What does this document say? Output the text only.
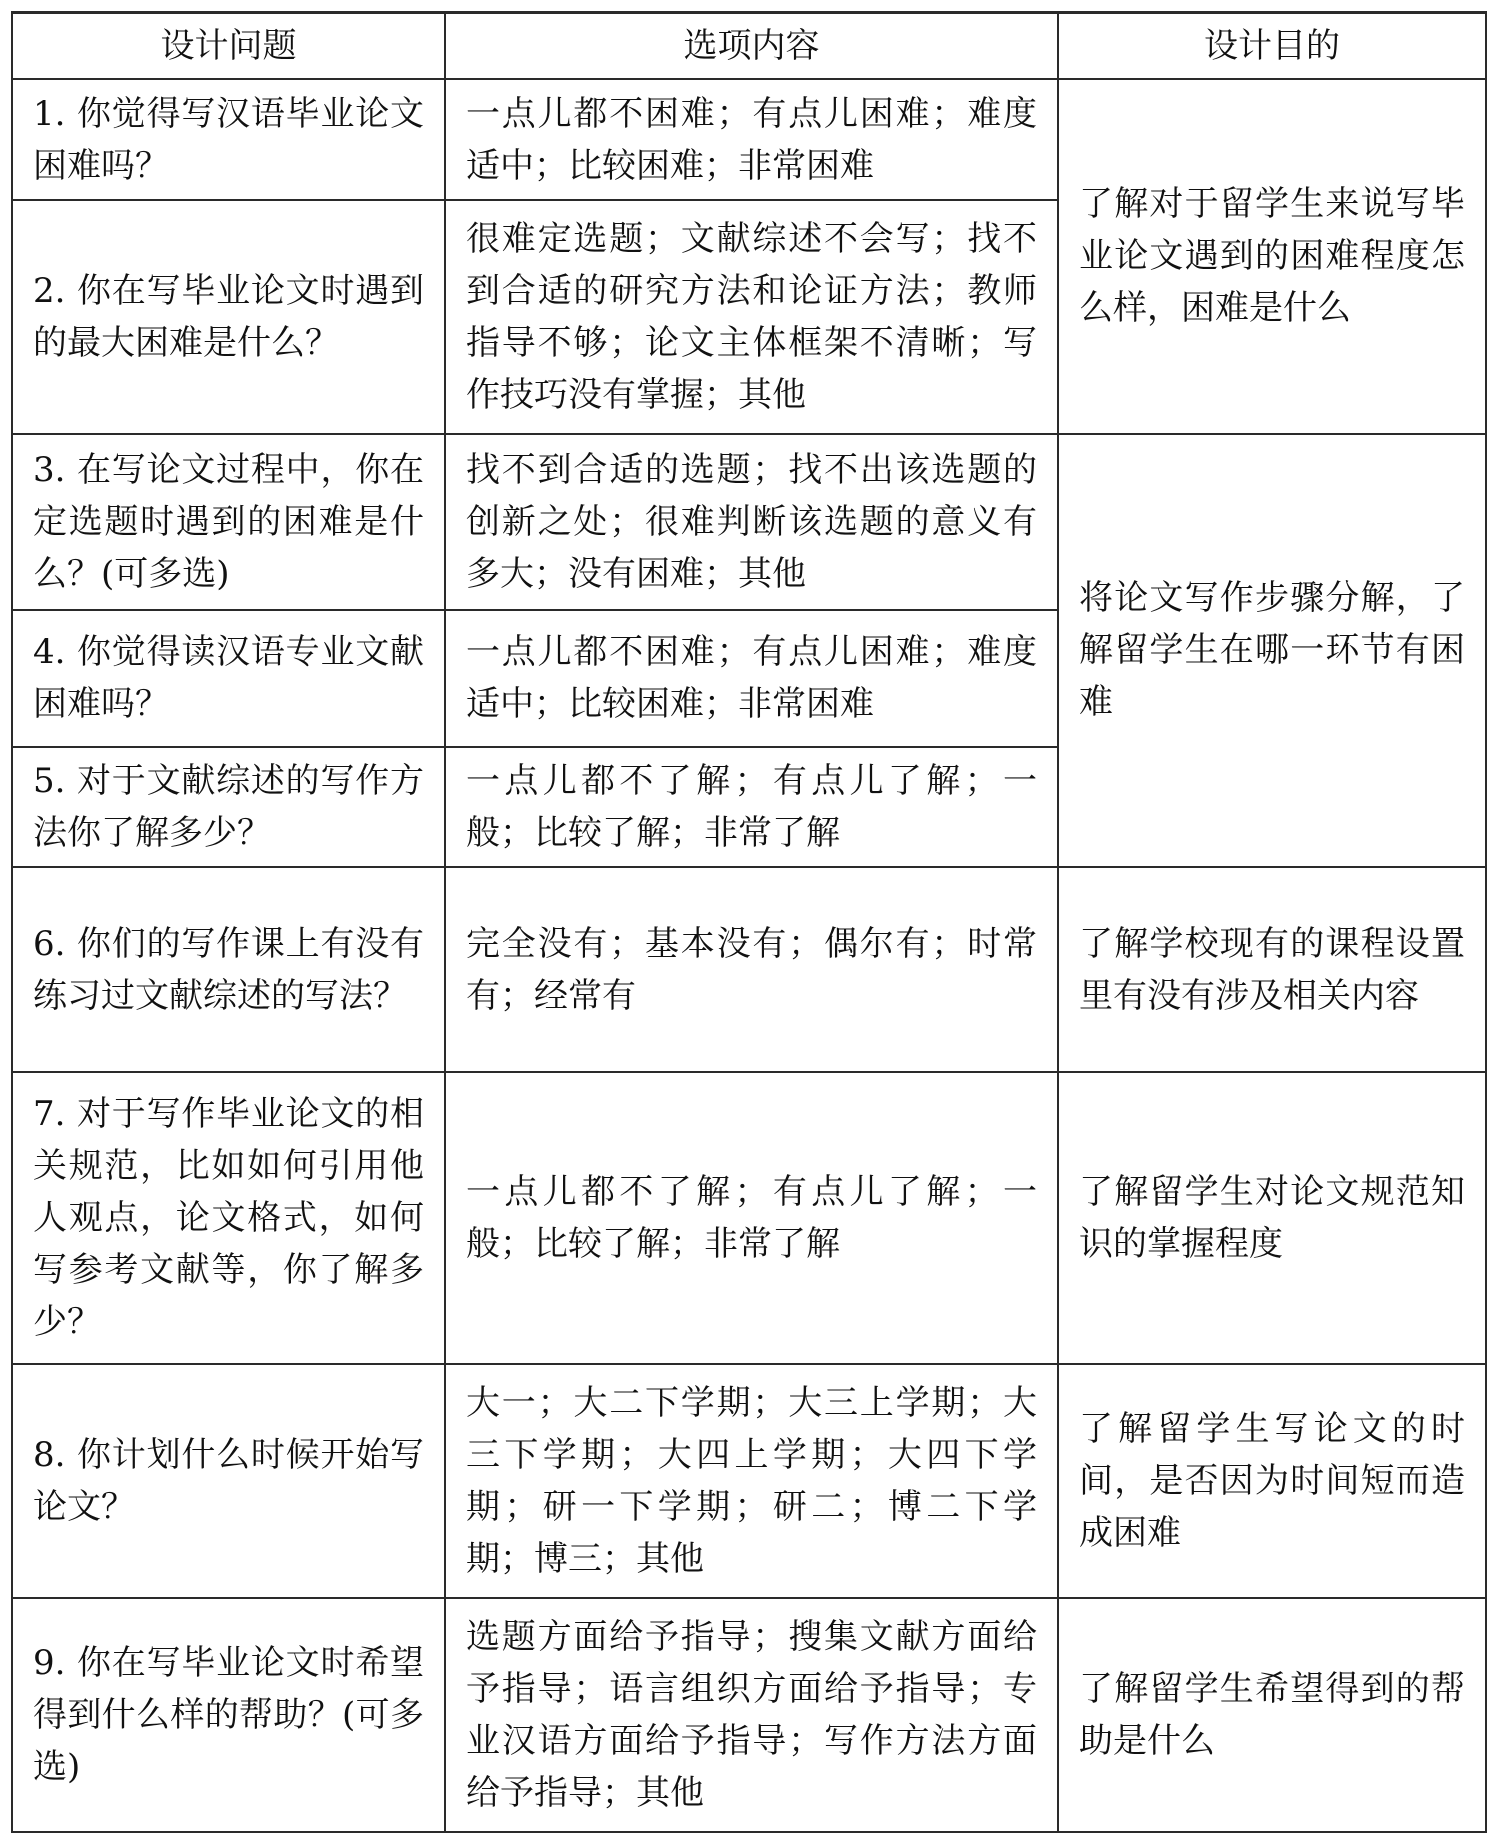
设计问题	选项内容	设计目的
1. 你觉得写汉语毕业论文困难吗？	一点儿都不困难；有点儿困难；难度适中；比较困难；非常困难	了解对于留学生来说写毕业论文遇到的困难程度怎么样，困难是什么
2. 你在写毕业论文时遇到的最大困难是什么？	很难定选题；文献综述不会写；找不到合适的研究方法和论证方法；教师指导不够；论文主体框架不清晰；写作技巧没有掌握；其他	
3. 在写论文过程中，你在定选题时遇到的困难是什么？(可多选)	找不到合适的选题；找不出该选题的创新之处；很难判断该选题的意义有多大；没有困难；其他	将论文写作步骤分解，了解留学生在哪一环节有困难
4. 你觉得读汉语专业文献困难吗？	一点儿都不困难；有点儿困难；难度适中；比较困难；非常困难	
5. 对于文献综述的写作方法你了解多少？	一点儿都不了解；有点儿了解；一般；比较了解；非常了解	
6. 你们的写作课上有没有练习过文献综述的写法？	完全没有；基本没有；偶尔有；时常有；经常有	了解学校现有的课程设置里有没有涉及相关内容
7. 对于写作毕业论文的相关规范，比如如何引用他人观点，论文格式，如何写参考文献等，你了解多少？	一点儿都不了解；有点儿了解；一般；比较了解；非常了解	了解留学生对论文规范知识的掌握程度
8. 你计划什么时候开始写论文？	大一；大二下学期；大三上学期；大三下学期；大四上学期；大四下学期；研一下学期；研二；博二下学期；博三；其他	了解留学生写论文的时间，是否因为时间短而造成困难
9. 你在写毕业论文时希望得到什么样的帮助？(可多选)	选题方面给予指导；搜集文献方面给予指导；语言组织方面给予指导；专业汉语方面给予指导；写作方法方面给予指导；其他	了解留学生希望得到的帮助是什么
